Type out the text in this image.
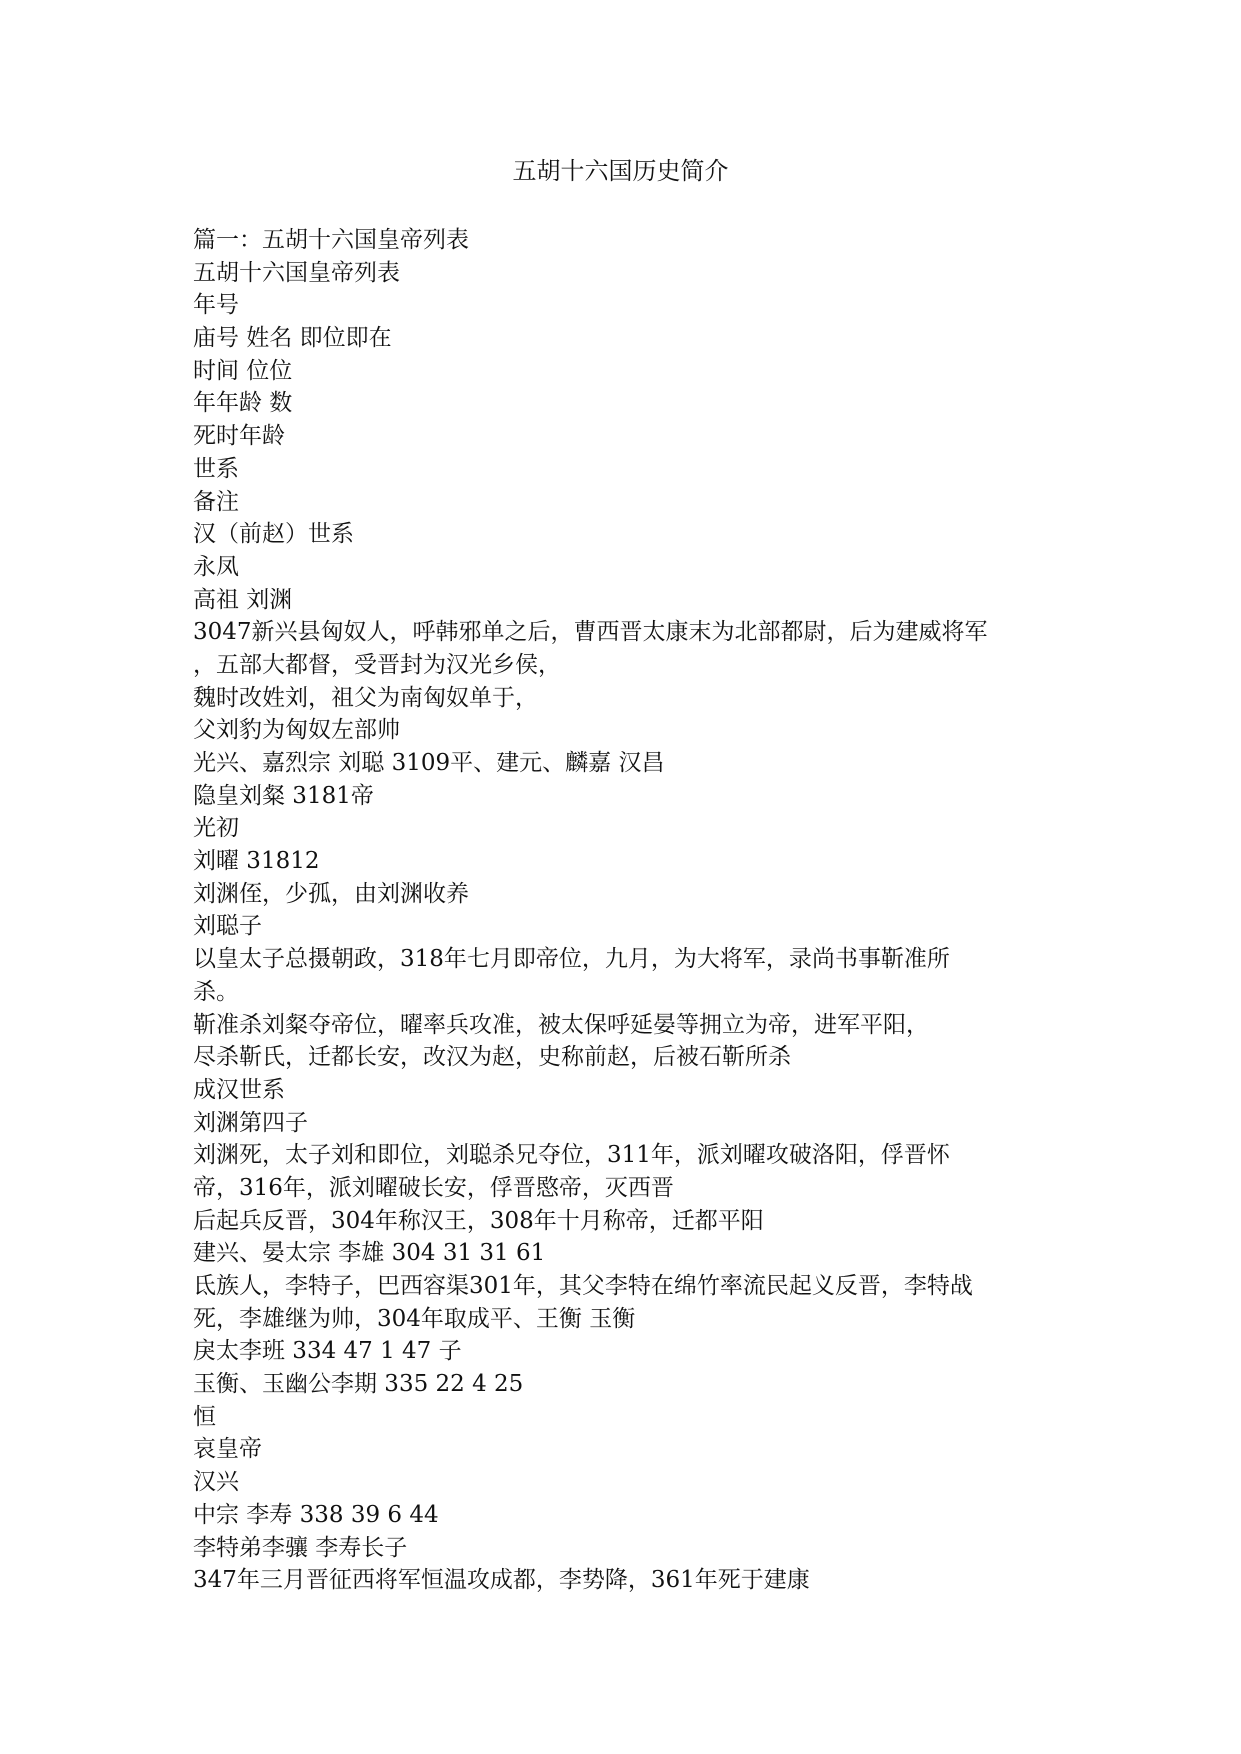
五胡十六国历史简介
篇一：五胡十六国皇帝列表
五胡十六国皇帝列表
年号
庙号 姓名 即位即在
时间 位位
年年龄 数
死时年龄
世系
备注
汉（前赵）世系
永凤
高祖 刘渊
3047新兴县匈奴人，呼韩邪单之后，曹西晋太康末为北部都尉，后为建威将军
，五部大都督，受晋封为汉光乡侯，
魏时改姓刘，祖父为南匈奴单于，
父刘豹为匈奴左部帅
光兴、嘉烈宗 刘聪 3109平、建元、麟嘉 汉昌
隐皇刘粲 3181帝
光初
刘曜 31812
刘渊侄，少孤，由刘渊收养
刘聪子
以皇太子总摄朝政，318年七月即帝位，九月，为大将军，录尚书事靳准所
杀。
靳准杀刘粲夺帝位，曜率兵攻准，被太保呼延晏等拥立为帝，进军平阳，
尽杀靳氏，迁都长安，改汉为赵，史称前赵，后被石靳所杀
成汉世系
刘渊第四子
刘渊死，太子刘和即位，刘聪杀兄夺位，311年，派刘曜攻破洛阳，俘晋怀
帝，316年，派刘曜破长安，俘晋愍帝，灭西晋
后起兵反晋，304年称汉王，308年十月称帝，迁都平阳
建兴、晏太宗 李雄 304 31 31 61
氐族人，李特子，巴西容渠301年，其父李特在绵竹率流民起义反晋，李特战
死，李雄继为帅，304年取成平、王衡 玉衡
戾太李班 334 47 1 47 子
玉衡、玉幽公李期 335 22 4 25
恒
哀皇帝
汉兴
中宗 李寿 338 39 6 44
李特弟李骧 李寿长子
347年三月晋征西将军恒温攻成都，李势降，361年死于建康
